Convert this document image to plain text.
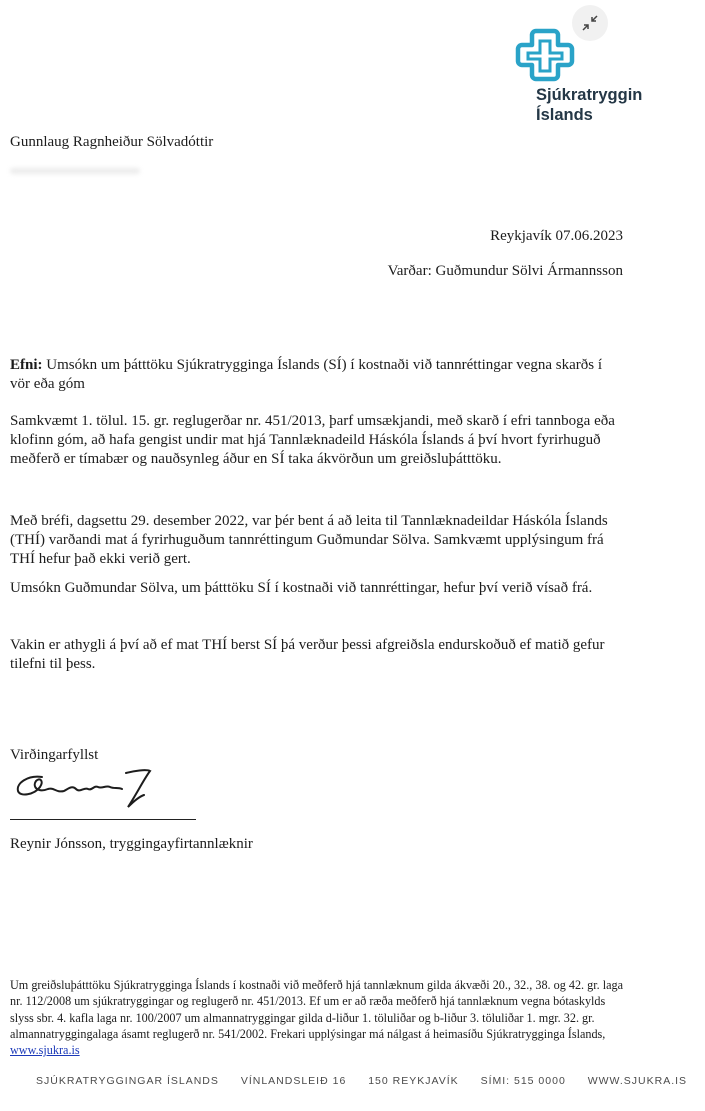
Sjúkratryggin
Íslands
Gunnlaug Ragnheiður Sölvadóttir
Reykjavík 07.06.2023
Varðar: Guðmundur Sölvi Ármannsson
Efni: Umsókn um þátttöku Sjúkratrygginga Íslands (SÍ) í kostnaði við tannréttingar vegna skarðs í vör eða góm
Samkvæmt 1. tölul. 15. gr. reglugerðar nr. 451/2013, þarf umsækjandi, með skarð í efri tannboga eða klofinn góm, að hafa gengist undir mat hjá Tannlæknadeild Háskóla Íslands á því hvort fyrirhuguð meðferð er tímabær og nauðsynleg áður en SÍ taka ákvörðun um greiðsluþátttöku.
Með bréfi, dagsettu 29. desember 2022, var þér bent á að leita til Tannlæknadeildar Háskóla Íslands (THÍ) varðandi mat á fyrirhuguðum tannréttingum Guðmundar Sölva. Samkvæmt upplýsingum frá THÍ hefur það ekki verið gert.
Umsókn Guðmundar Sölva, um þátttöku SÍ í kostnaði við tannréttingar, hefur því verið vísað frá.
Vakin er athygli á því að ef mat THÍ berst SÍ þá verður þessi afgreiðsla endurskoðuð ef matið gefur tilefni til þess.
Virðingarfyllst
Reynir Jónsson, tryggingayfirtannlæknir
Um greiðsluþátttöku Sjúkratrygginga Íslands í kostnaði við meðferð hjá tannlæknum gilda ákvæði 20., 32., 38. og 42. gr. laga nr. 112/2008 um sjúkratryggingar og reglugerð nr. 451/2013. Ef um er að ræða meðferð hjá tannlæknum vegna bótaskylds slyss sbr. 4. kafla laga nr. 100/2007 um almannatryggingar gilda d-liður 1. töluliðar og b-liður 3. töluliðar 1. mgr. 32. gr. almannatryggingalaga ásamt reglugerð nr. 541/2002. Frekari upplýsingar má nálgast á heimasíðu Sjúkratrygginga Íslands, www.sjukra.is
SJÚKRATRYGGINGAR ÍSLANDS VÍNLANDSLEIÐ 16 150 REYKJAVÍK SÍMI: 515 0000 WWW.SJUKRA.IS
